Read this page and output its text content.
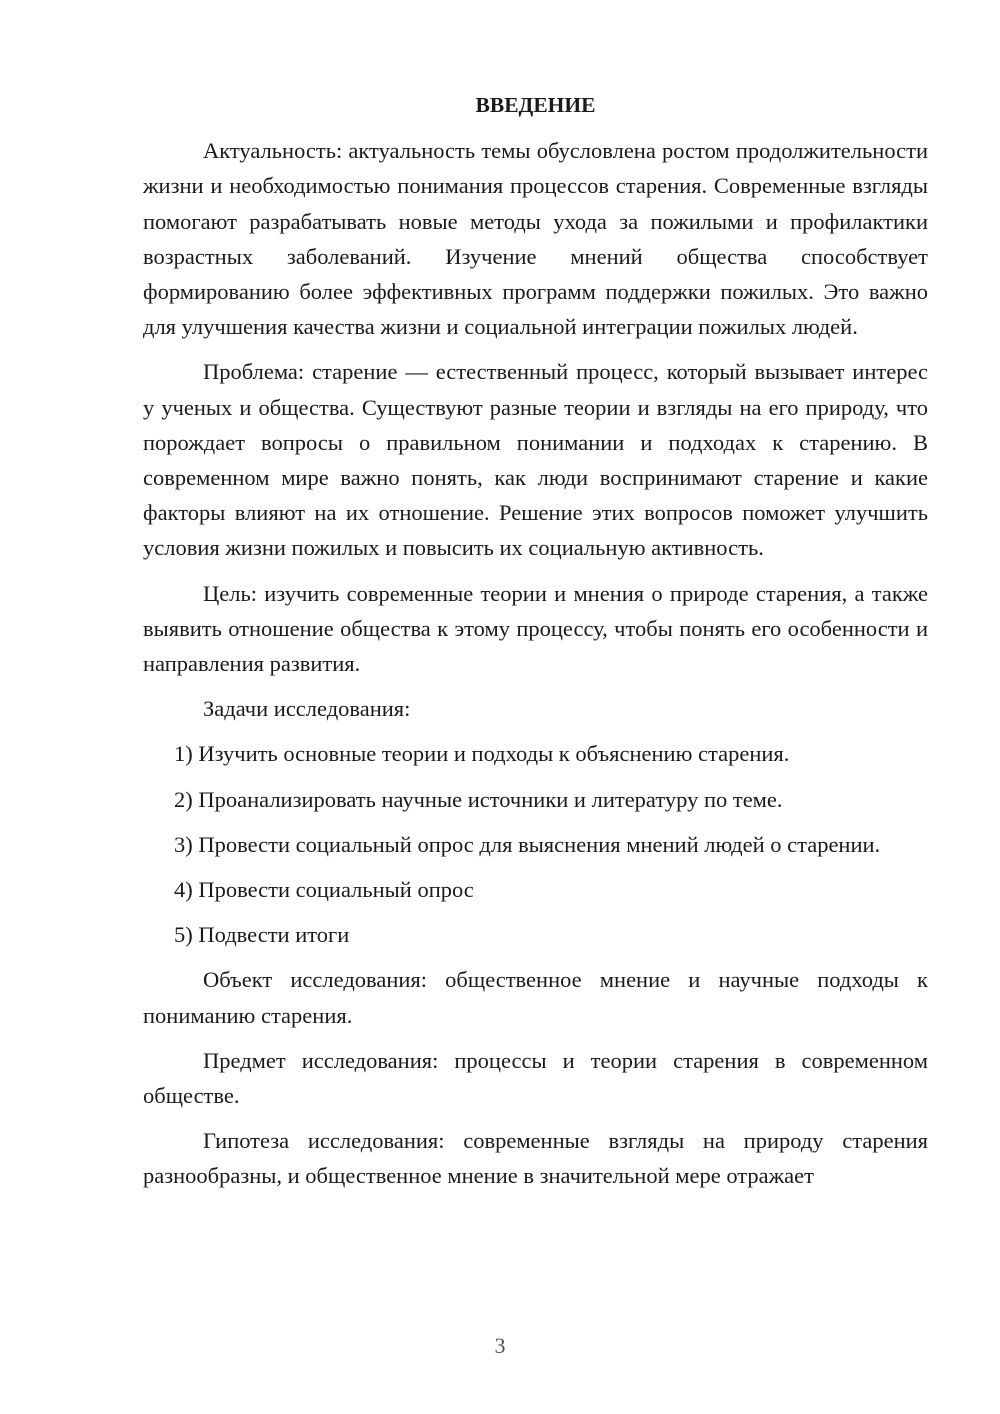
ВВЕДЕНИЕ

Актуальность: актуальность темы обусловлена ростом продолжительности жизни и необходимостью понимания процессов старения. Современные взгляды помогают разрабатывать новые методы ухода за пожилыми и профилактики возрастных заболеваний. Изучение мнений общества способствует формированию более эффективных программ поддержки пожилых. Это важно для улучшения качества жизни и социальной интеграции пожилых людей.

Проблема: старение — естественный процесс, который вызывает интерес у ученых и общества. Существуют разные теории и взгляды на его природу, что порождает вопросы о правильном понимании и подходах к старению. В современном мире важно понять, как люди воспринимают старение и какие факторы влияют на их отношение. Решение этих вопросов поможет улучшить условия жизни пожилых и повысить их социальную активность.

Цель: изучить современные теории и мнения о природе старения, а также выявить отношение общества к этому процессу, чтобы понять его особенности и направления развития.

Задачи исследования:

1) Изучить основные теории и подходы к объяснению старения.

2) Проанализировать научные источники и литературу по теме.

3) Провести социальный опрос для выяснения мнений людей о старении.

4) Провести социальный опрос

5) Подвести итоги

Объект исследования: общественное мнение и научные подходы к пониманию старения.

Предмет исследования: процессы и теории старения в современном обществе.

Гипотеза исследования: современные взгляды на природу старения разнообразны, и общественное мнение в значительной мере отражает

3
